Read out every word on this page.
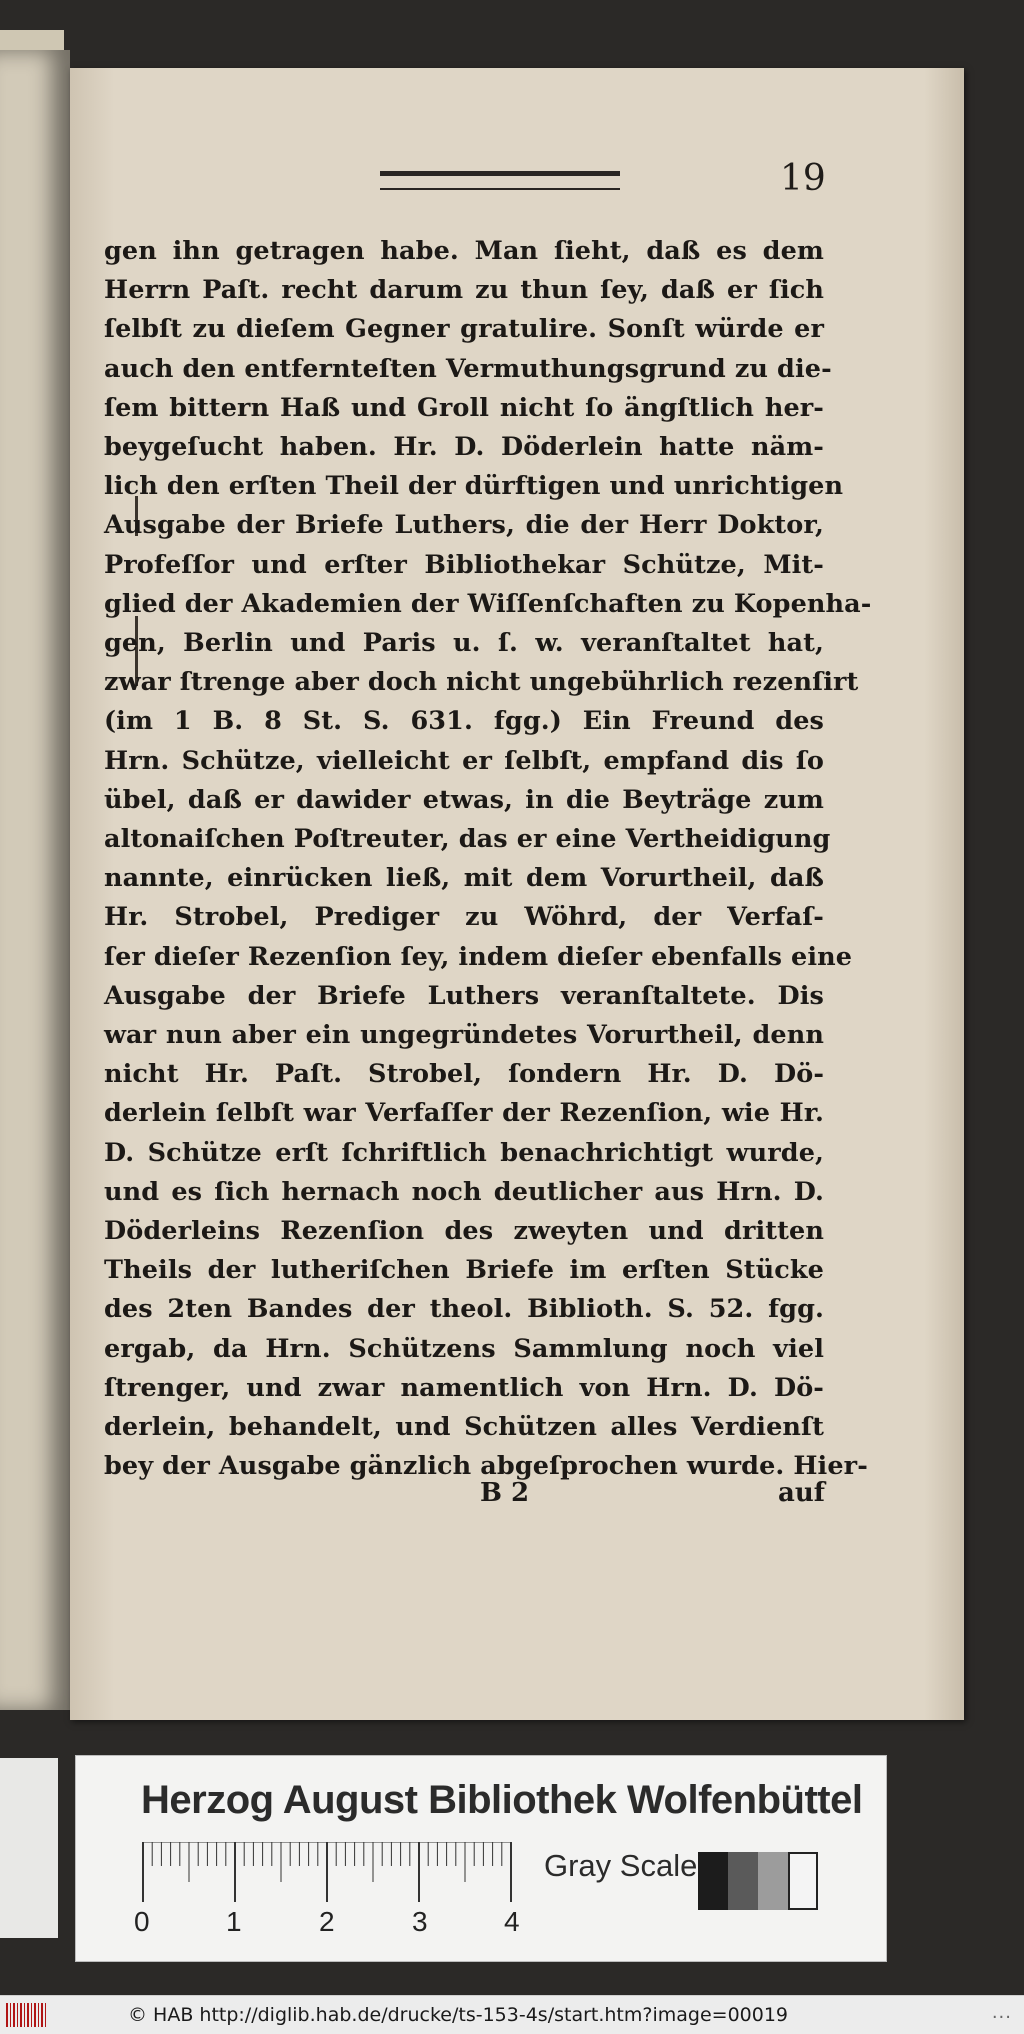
19
gen ihn getragen habe. Man ſieht, daß es dem
Herrn Paſt. recht darum zu thun ſey, daß er ſich
ſelbſt zu dieſem Gegner gratulire. Sonſt würde er
auch den entfernteſten Vermuthungsgrund zu die-
ſem bittern Haß und Groll nicht ſo ängſtlich her-
beygeſucht haben. Hr. D. Döderlein hatte näm-
lich den erſten Theil der dürftigen und unrichtigen
Ausgabe der Briefe Luthers, die der Herr Doktor,
Profeſſor und erſter Bibliothekar Schütze, Mit-
glied der Akademien der Wiſſenſchaften zu Kopenha-
gen, Berlin und Paris u. ſ. w. veranſtaltet hat,
zwar ſtrenge aber doch nicht ungebührlich rezenſirt
(im 1 B. 8 St. S. 631. fgg.) Ein Freund des
Hrn. Schütze, vielleicht er ſelbſt, empfand dis ſo
übel, daß er dawider etwas, in die Beyträge zum
altonaiſchen Poſtreuter, das er eine Vertheidigung
nannte, einrücken ließ, mit dem Vorurtheil, daß
Hr. Strobel, Prediger zu Wöhrd, der Verfaſ-
ſer dieſer Rezenſion ſey, indem dieſer ebenfalls eine
Ausgabe der Briefe Luthers veranſtaltete. Dis
war nun aber ein ungegründetes Vorurtheil, denn
nicht Hr. Paſt. Strobel, ſondern Hr. D. Dö-
derlein ſelbſt war Verfaſſer der Rezenſion, wie Hr.
D. Schütze erſt ſchriftlich benachrichtigt wurde,
und es ſich hernach noch deutlicher aus Hrn. D.
Döderleins Rezenſion des zweyten und dritten
Theils der lutheriſchen Briefe im erſten Stücke
des 2ten Bandes der theol. Biblioth. S. 52. fgg.
ergab, da Hrn. Schützens Sammlung noch viel
ſtrenger, und zwar namentlich von Hrn. D. Dö-
derlein, behandelt, und Schützen alles Verdienſt
bey der Ausgabe gänzlich abgeſprochen wurde. Hier-
B 2	auf
Herzog August Bibliothek Wolfenbüttel
0	1	2	3	4
Gray Scale
© HAB http://diglib.hab.de/drucke/ts-153-4s/start.htm?image=00019	...
